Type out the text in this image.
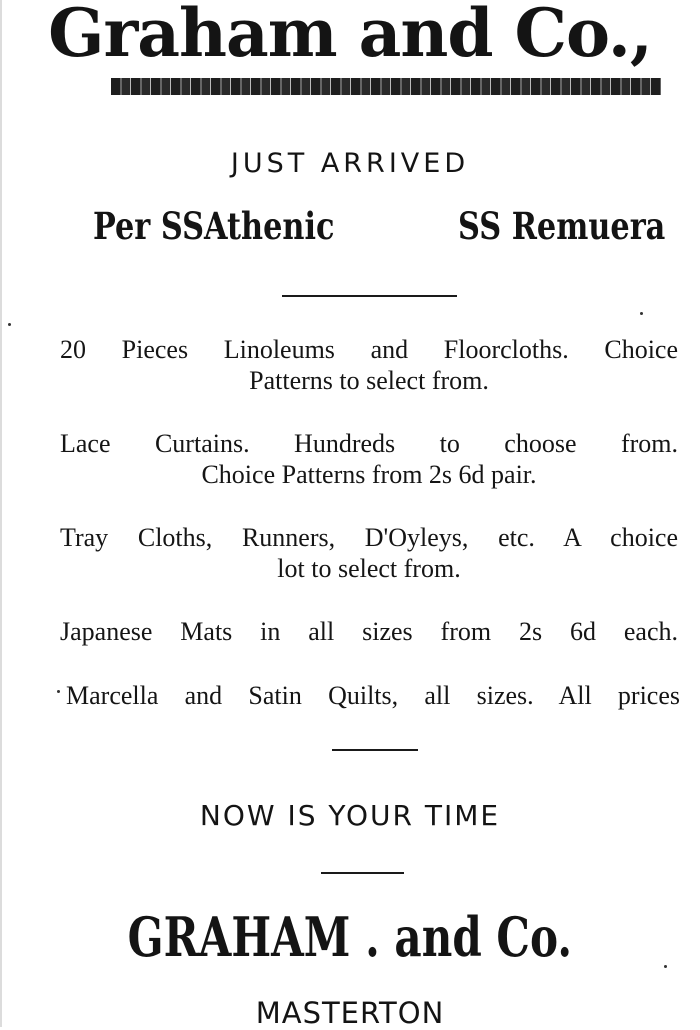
Graham and Co.,
JUST ARRIVED
Per SSAthenic	SS Remuera
20 Pieces Linoleums and Floorcloths. Choice
Patterns to select from.
Lace Curtains. Hundreds to choose from.
Choice Patterns from 2s 6d pair.
Tray Cloths, Runners, D'Oyleys, etc. A choice
lot to select from.
Japanese Mats in all sizes from 2s 6d each.
Marcella and Satin Quilts, all sizes. All prices
NOW IS YOUR TIME
GRAHAM . and Co.
MASTERTON
